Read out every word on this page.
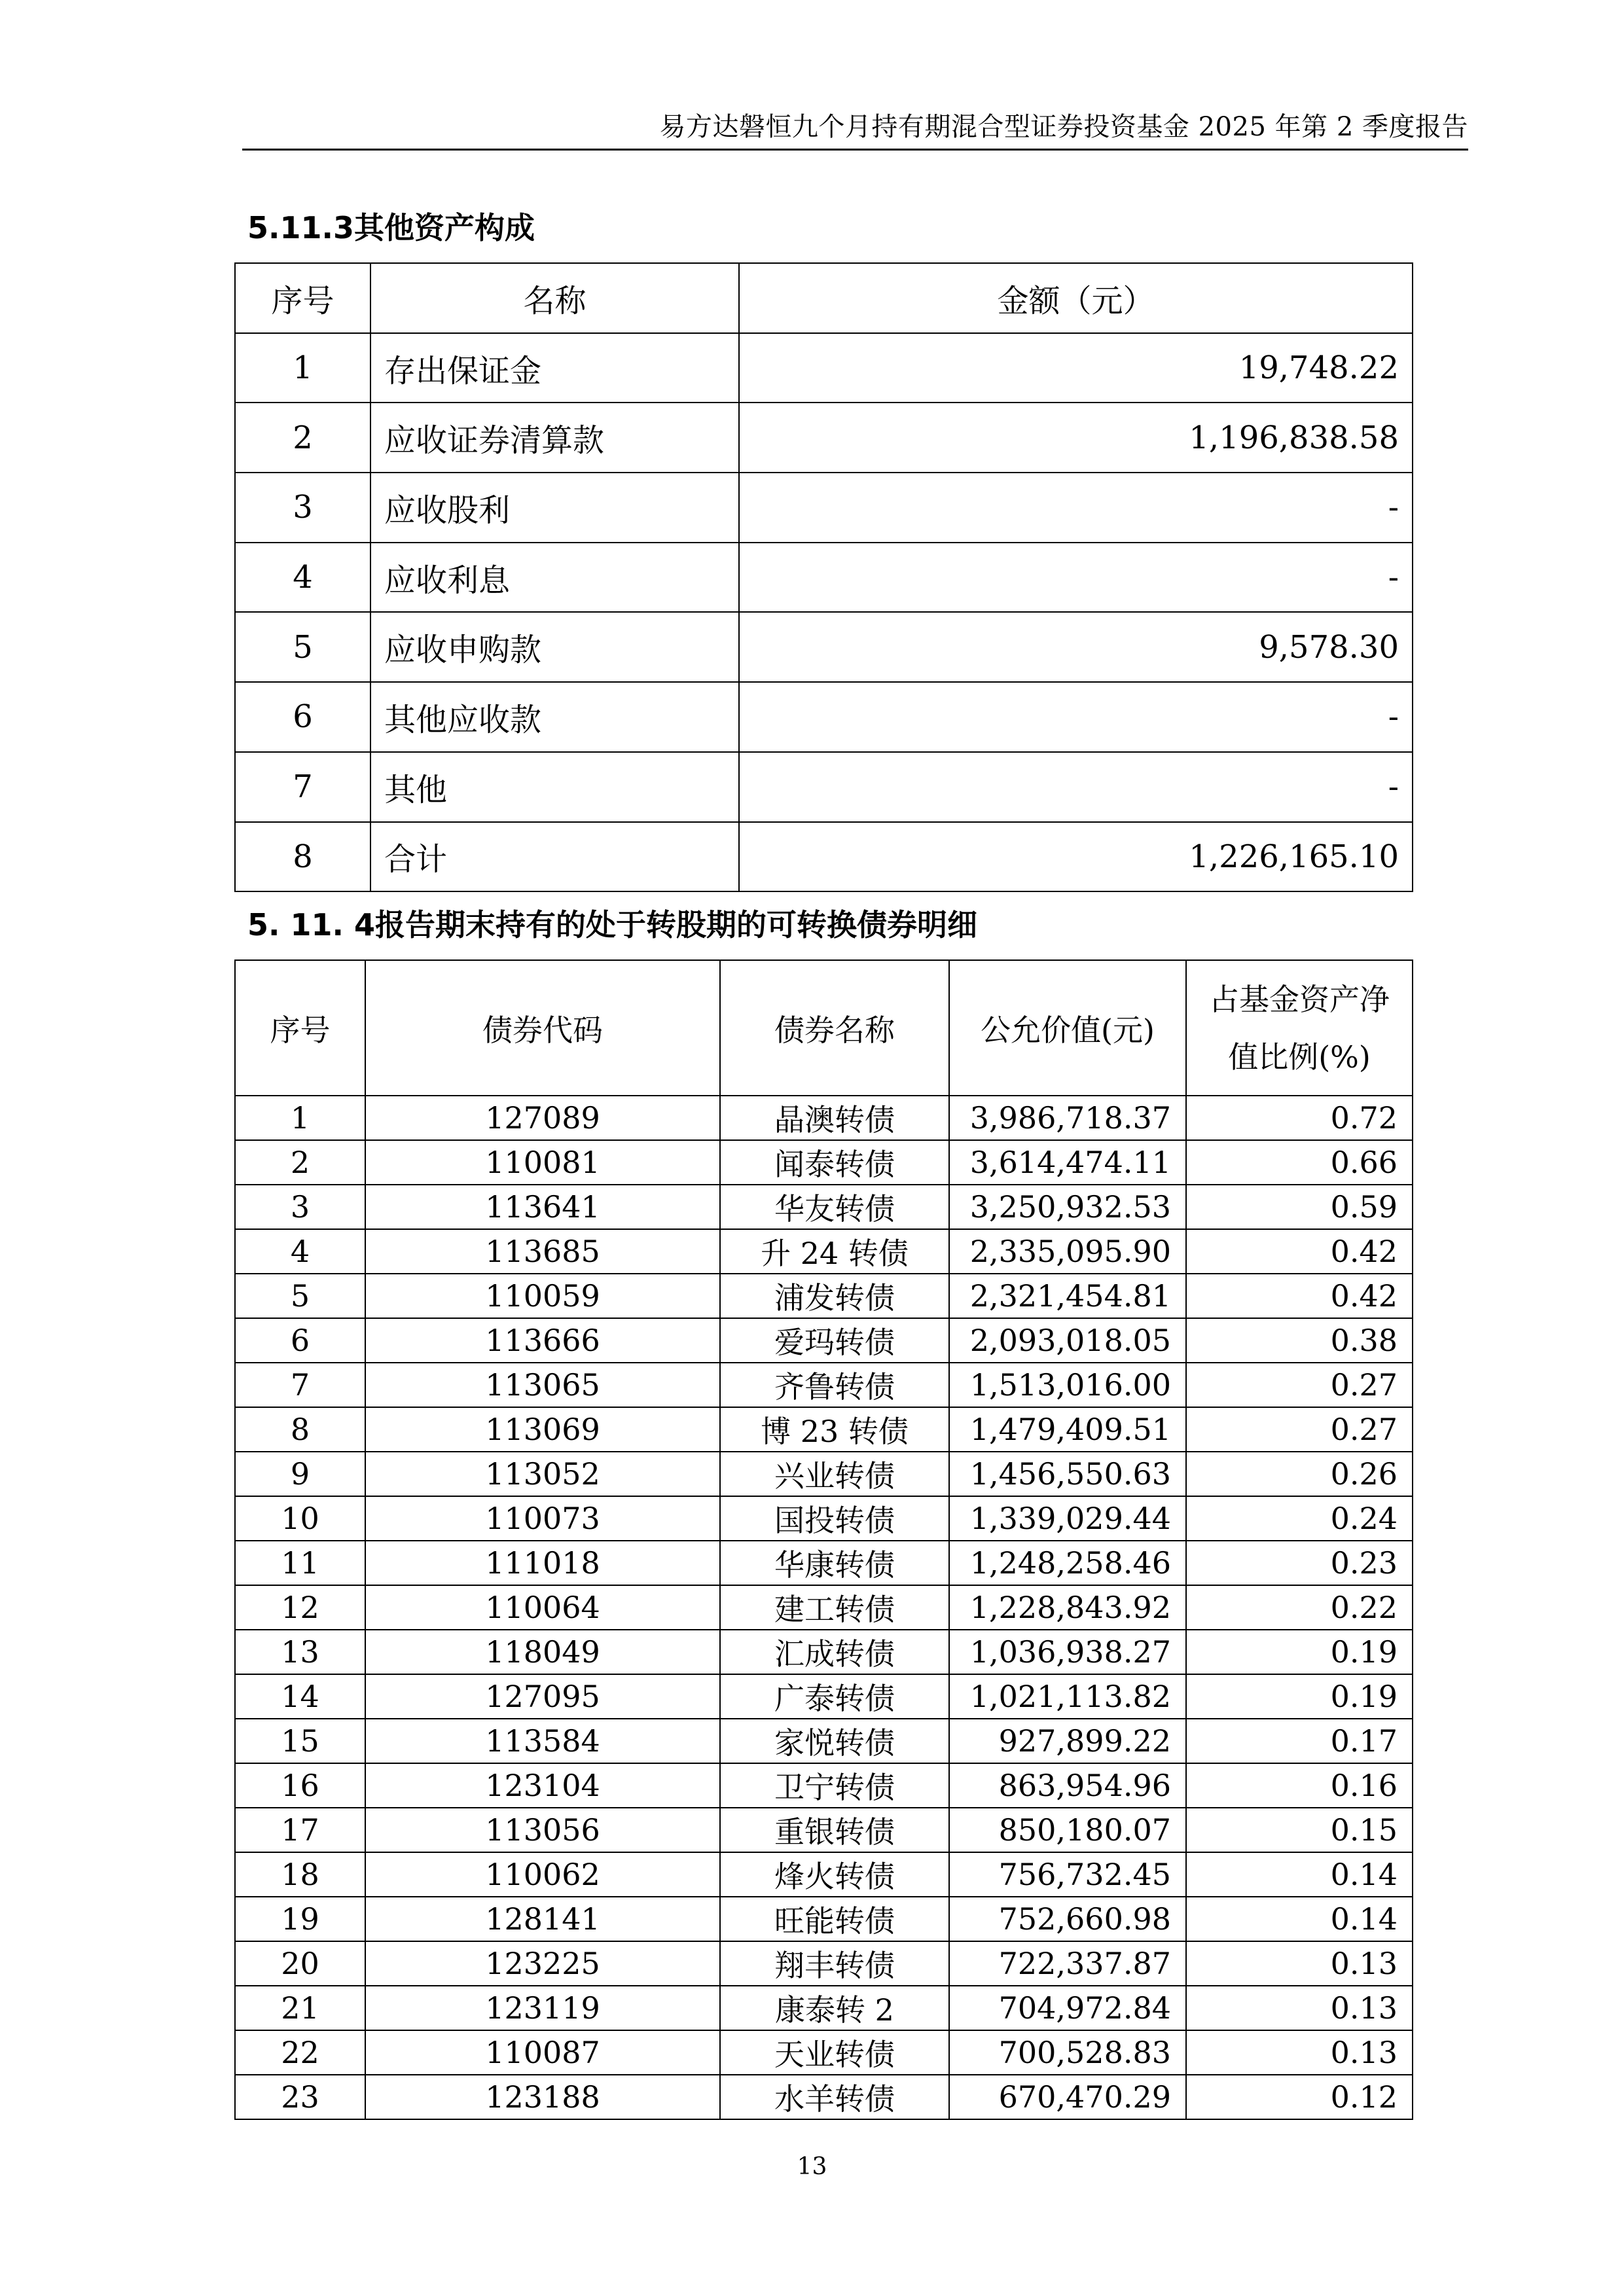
易方达磐恒九个月持有期混合型证券投资基金 2025 年第 2 季度报告
5.11.3其他资产构成
序号	名称	金额（元）
1	存出保证金	19,748.22
2	应收证券清算款	1,196,838.58
3	应收股利	-
4	应收利息	-
5	应收申购款	9,578.30
6	其他应收款	-
7	其他	-
8	合计	1,226,165.10
5. 11. 4报告期末持有的处于转股期的可转换债券明细
序号	债券代码	债券名称	公允价值(元)	占基金资产净值比例(%)
1	127089	晶澳转债	3,986,718.37	0.72
2	110081	闻泰转债	3,614,474.11	0.66
3	113641	华友转债	3,250,932.53	0.59
4	113685	升 24 转债	2,335,095.90	0.42
5	110059	浦发转债	2,321,454.81	0.42
6	113666	爱玛转债	2,093,018.05	0.38
7	113065	齐鲁转债	1,513,016.00	0.27
8	113069	博 23 转债	1,479,409.51	0.27
9	113052	兴业转债	1,456,550.63	0.26
10	110073	国投转债	1,339,029.44	0.24
11	111018	华康转债	1,248,258.46	0.23
12	110064	建工转债	1,228,843.92	0.22
13	118049	汇成转债	1,036,938.27	0.19
14	127095	广泰转债	1,021,113.82	0.19
15	113584	家悦转债	927,899.22	0.17
16	123104	卫宁转债	863,954.96	0.16
17	113056	重银转债	850,180.07	0.15
18	110062	烽火转债	756,732.45	0.14
19	128141	旺能转债	752,660.98	0.14
20	123225	翔丰转债	722,337.87	0.13
21	123119	康泰转 2	704,972.84	0.13
22	110087	天业转债	700,528.83	0.13
23	123188	水羊转债	670,470.29	0.12
13
